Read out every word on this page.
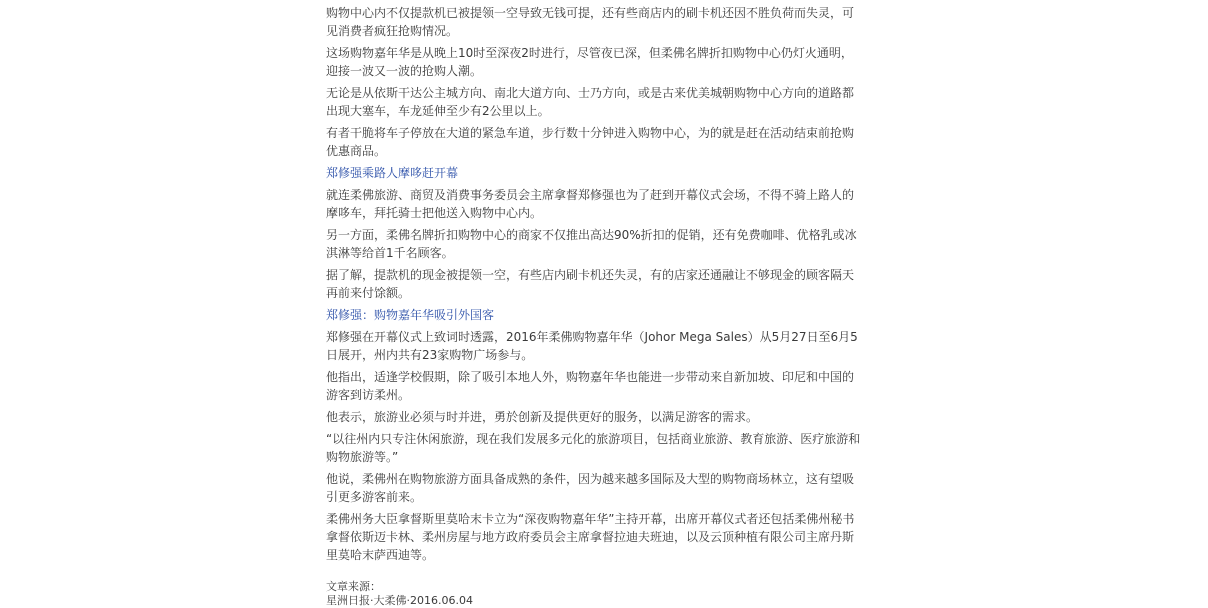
购物中心内不仅提款机已被提领一空导致无钱可提，还有些商店内的刷卡机还因不胜负荷而失灵，可见消费者疯狂抢购情况。

这场购物嘉年华是从晚上10时至深夜2时进行，尽管夜已深，但柔佛名牌折扣购物中心仍灯火通明，迎接一波又一波的抢购人潮。

无论是从依斯干达公主城方向、南北大道方向、士乃方向，或是古来优美城朝购物中心方向的道路都出现大塞车，车龙延伸至少有2公里以上。

有者干脆将车子停放在大道的紧急车道，步行数十分钟进入购物中心，为的就是赶在活动结束前抢购优惠商品。

郑修强乘路人摩哆赶开幕

就连柔佛旅游、商贸及消费事务委员会主席拿督郑修强也为了赶到开幕仪式会场，不得不骑上路人的摩哆车，拜托骑士把他送入购物中心内。

另一方面，柔佛名牌折扣购物中心的商家不仅推出高达90%折扣的促销，还有免费咖啡、优格乳或冰淇淋等给首1千名顾客。

据了解，提款机的现金被提领一空，有些店内刷卡机还失灵，有的店家还通融让不够现金的顾客隔天再前来付馀额。

郑修强：购物嘉年华吸引外国客

郑修强在开幕仪式上致词时透露，2016年柔佛购物嘉年华（Johor Mega Sales）从5月27日至6月5日展开，州内共有23家购物广场参与。

他指出，适逢学校假期，除了吸引本地人外，购物嘉年华也能进一步带动来自新加坡、印尼和中国的游客到访柔州。

他表示，旅游业必须与时并进，勇於创新及提供更好的服务，以满足游客的需求。

“以往州内只专注休闲旅游，现在我们发展多元化的旅游项目，包括商业旅游、教育旅游、医疗旅游和购物旅游等。”

他说，柔佛州在购物旅游方面具备成熟的条件，因为越来越多国际及大型的购物商场林立，这有望吸引更多游客前来。

柔佛州务大臣拿督斯里莫哈末卡立为“深夜购物嘉年华”主持开幕，出席开幕仪式者还包括柔佛州秘书拿督依斯迈卡林、柔州房屋与地方政府委员会主席拿督拉迪夫班迪，以及云顶种植有限公司主席丹斯里莫哈末萨西迪等。

文章来源：
星洲日报·大柔佛·2016.06.04
